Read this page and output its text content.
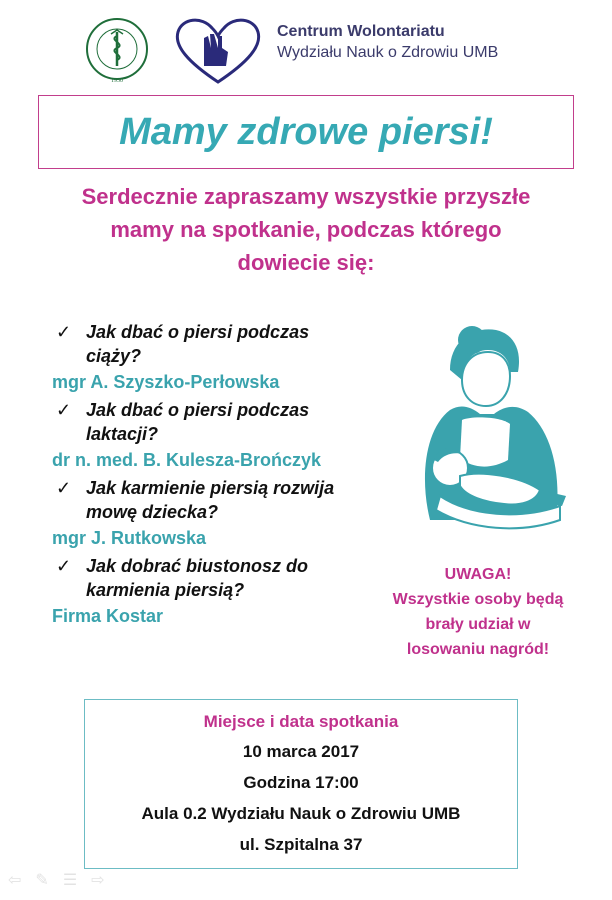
1950
Centrum Wolontariatu
Wydziału Nauk o Zdrowiu UMB
Mamy zdrowe piersi!
Serdecznie zapraszamy wszystkie przyszłe
mamy na spotkanie, podczas którego
dowiecie się:
✓ Jak dbać o piersi podczas ciąży?
mgr A. Szyszko-Perłowska
✓ Jak dbać o piersi podczas laktacji?
dr n. med. B. Kulesza-Brończyk
✓ Jak karmienie piersią rozwija mowę dziecka?
mgr J. Rutkowska
✓ Jak dobrać biustonosz do karmienia piersią?
Firma Kostar
UWAGA!
Wszystkie osoby będą
brały udział w
losowaniu nagród!
Miejsce i data spotkania
10 marca 2017
Godzina 17:00
Aula 0.2 Wydziału Nauk o Zdrowiu UMB
ul. Szpitalna 37
⇦ ✎ ☰ ⇨
